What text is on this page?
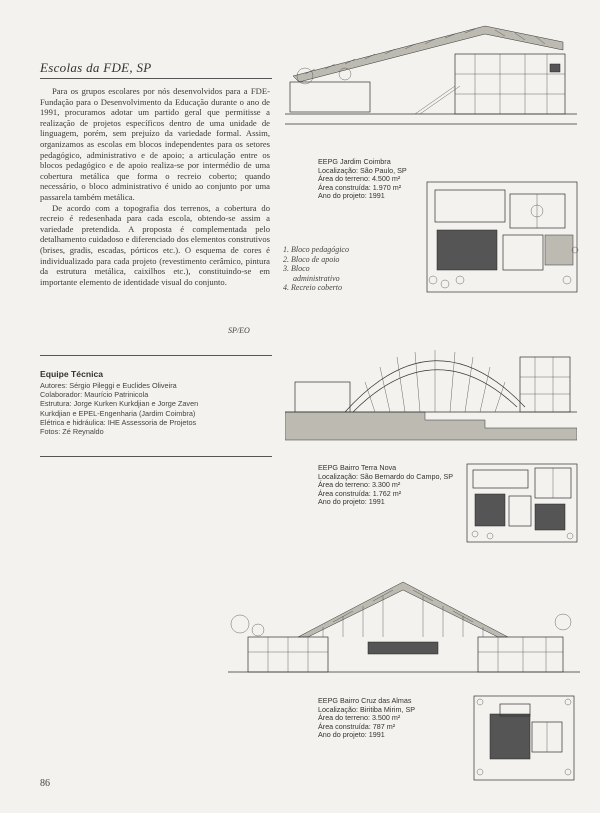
Escolas da FDE, SP

Para os grupos escolares por nós desenvolvidos para a FDE-Fundação para o Desenvolvimento da Educação durante o ano de 1991, procuramos adotar um partido geral que permitisse a realização de projetos específicos dentro de uma unidade de linguagem, porém, sem prejuízo da variedade formal. Assim, organizamos as escolas em blocos independentes para os setores pedagógico, administrativo e de apoio; a articulação entre os blocos pedagógico e de apoio realiza-se por intermédio de uma cobertura metálica que forma o recreio coberto; quando necessário, o bloco administrativo é unido ao conjunto por uma passarela também metálica.

De acordo com a topografia dos terrenos, a cobertura do recreio é redesenhada para cada escola, obtendo-se assim a variedade pretendida. A proposta é complementada pelo detalhamento cuidadoso e diferenciado dos elementos construtivos (brises, gradis, escadas, pórticos etc.). O esquema de cores é individualizado para cada projeto (revestimento cerâmico, pintura da estrutura metálica, caixilhos etc.), constituindo-se em importante elemento de identidade visual do conjunto.

SP/EO
Equipe Técnica
Autores: Sérgio Pileggi e Euclides Oliveira
Colaborador: Maurício Patrinicola
Estrutura: Jorge Kurken Kurkdjian e Jorge Zaven
Kurkdjian e EPEL-Engenharia (Jardim Coimbra)
Elétrica e hidráulica: IHE Assessoria de Projetos
Fotos: Zé Reynaldo
86
EEPG Jardim Coimbra
Localização: São Paulo, SP
Área do terreno: 4.500 m²
Área construída: 1.970 m²
Ano do projeto: 1991
1. Bloco pedagógico
2. Bloco de apoio
3. Bloco
administrativo
4. Recreio coberto
EEPG Bairro Terra Nova
Localização: São Bernardo do Campo, SP
Área do terreno: 3.300 m²
Área construída: 1.762 m²
Ano do projeto: 1991
EEPG Bairro Cruz das Almas
Localização: Biritiba Mirim, SP
Área do terreno: 3.500 m²
Área construída: 787 m²
Ano do projeto: 1991
